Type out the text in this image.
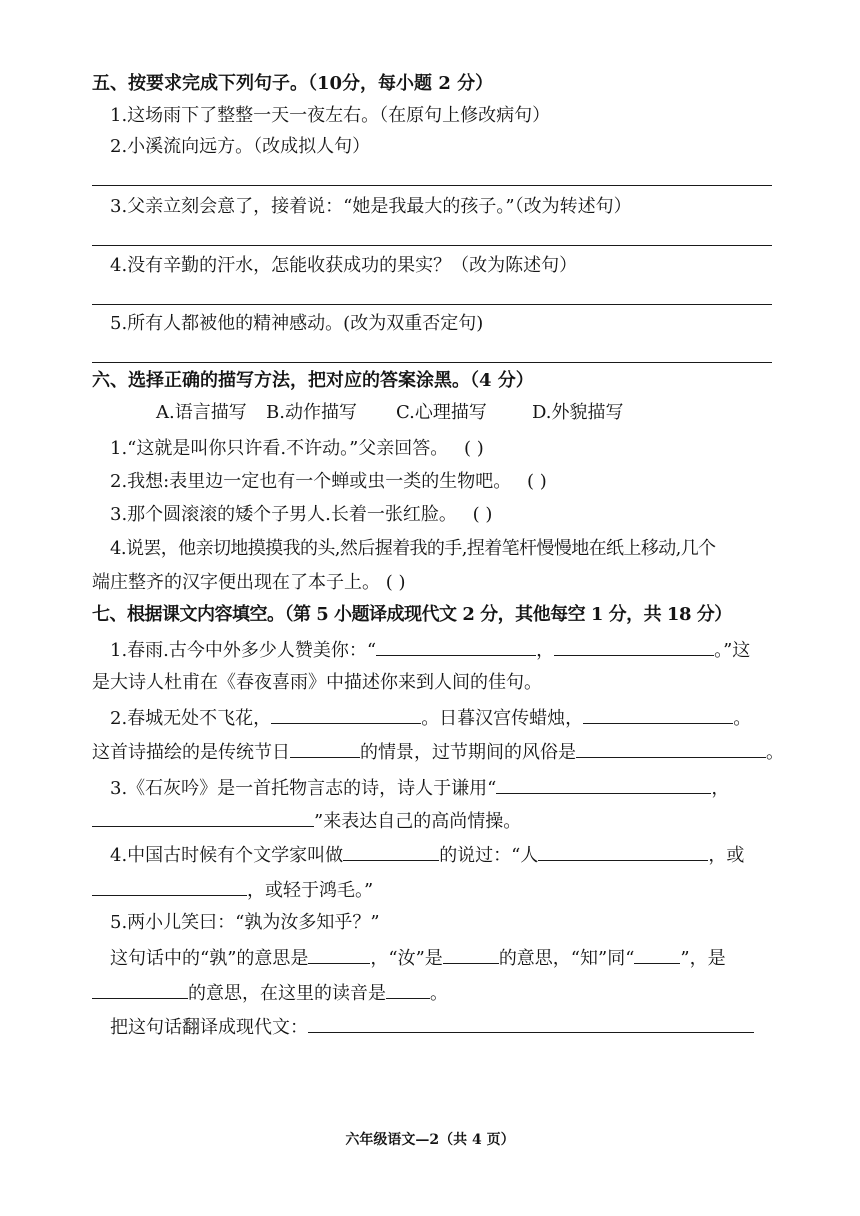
五、按要求完成下列句子。（10分，每小题 2 分）
1.这场雨下了整整一天一夜左右。（在原句上修改病句）
2.小溪流向远方。（改成拟人句）
3.父亲立刻会意了，接着说：“她是我最大的孩子。”（改为转述句）
4.没有辛勤的汗水，怎能收获成功的果实？（改为陈述句）
5.所有人都被他的精神感动。(改为双重否定句)
六、选择正确的描写方法，把对应的答案涂黑。（4 分）
A.语言描写 B.动作描写 C.心理描写	D.外貌描写
1.“这就是叫你只许看.不许动。”父亲回答。 ( )
2.我想:表里边一定也有一个蝉或虫一类的生物吧。 ( )
3.那个圆滚滚的矮个子男人.长着一张红脸。 ( )
4.说罢，他亲切地摸摸我的头,然后握着我的手,捏着笔杆慢慢地在纸上移动,几个
端庄整齐的汉字便出现在了本子上。 ( )
七、根据课文内容填空。（第 5 小题译成现代文 2 分，其他每空 1 分，共 18 分）
1.春雨.古今中外多少人赞美你：“	，	。”这
是大诗人杜甫在《春夜喜雨》中描述你来到人间的佳句。
2.春城无处不飞花，	。日暮汉宫传蜡烛，	。
这首诗描绘的是传统节日	的情景，过节期间的风俗是	。
3.《石灰吟》是一首托物言志的诗，诗人于谦用“	，
”来表达自己的高尚情操。
4.中国古时候有个文学家叫做	的说过：“人	，或
，或轻于鸿毛。”
5.两小儿笑曰：“孰为汝多知乎？”
这句话中的“孰”的意思是	，“汝”是	的意思，“知”同“	”，是
的意思，在这里的读音是 。
把这句话翻译成现代文：
六年级语文—2（共 4 页）
